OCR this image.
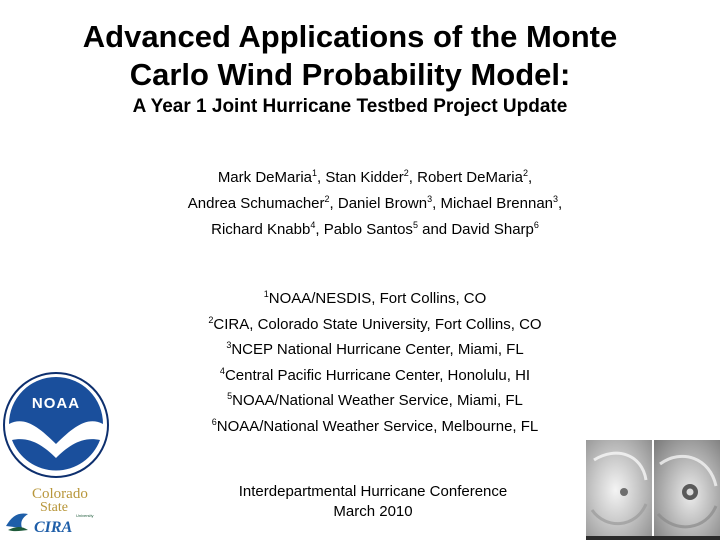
Advanced Applications of the Monte
Carlo Wind Probability Model:
A Year 1 Joint Hurricane Testbed Project Update
Mark DeMaria$^1$, Stan Kidder$^2$, Robert DeMaria$^2$,
Andrea Schumacher$^2$, Daniel Brown$^3$, Michael Brennan$^3$,
Richard Knabb$^4$, Pablo Santos$^5$ and David Sharp$^6$
$^1$NOAA/NESDIS, Fort Collins, CO
$^2$CIRA, Colorado State University, Fort Collins, CO
$^3$NCEP National Hurricane Center, Miami, FL
$^4$Central Pacific Hurricane Center, Honolulu, HI
$^5$NOAA/National Weather Service, Miami, FL
$^6$NOAA/National Weather Service, Melbourne, FL
Interdepartmental Hurricane Conference
March 2010
NOAA
Colorado
State
University
CIRA
